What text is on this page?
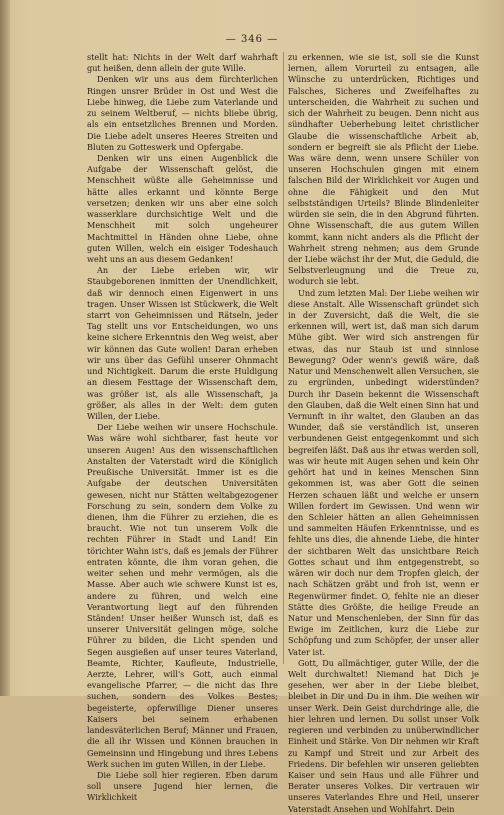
— 346 —

stellt hat: Nichts in der Welt darf wahrhaft gut heißen, denn allein der gute Wille.

Denken wir uns aus dem fürchterlichen Ringen unsrer Brüder in Ost und West die Liebe hinweg, die Liebe zum Vaterlande und zu seinem Weltberuf, — nichts bliebe übrig, als ein entsetzliches Brennen und Morden. Die Liebe adelt unseres Heeres Streiten und Bluten zu Gotteswerk und Opfergabe.

Denken wir uns einen Augenblick die Aufgabe der Wissenschaft gelöst, die Menschheit wüßte alle Geheimnisse und hätte alles erkannt und könnte Berge versetzen; denken wir uns aber eine solch wasserklare durchsichtige Welt und die Menschheit mit solch ungeheurer Machtmittel in Händen ohne Liebe, ohne guten Willen, welch ein eisiger Todeshauch weht uns an aus diesem Gedanken!

An der Liebe erleben wir, wir Staubgeborenen inmitten der Unendlichkeit, daß wir dennoch einen Eigenwert in uns tragen. Unser Wissen ist Stückwerk, die Welt starrt von Geheimnissen und Rätseln, jeder Tag stellt uns vor Entscheidungen, wo uns keine sichere Erkenntnis den Weg weist, aber wir können das Gute wollen! Daran erheben wir uns über das Gefühl unserer Ohnmacht und Nichtigkeit. Darum die erste Huldigung an diesem Festtage der Wissenschaft dem, was größer ist, als alle Wissenschaft, ja größer, als alles in der Welt: dem guten Willen, der Liebe.

Der Liebe weihen wir unsere Hochschule. Was wäre wohl sichtbarer, fast heute vor unseren Augen! Aus den wissenschaftlichen Anstalten der Vaterstadt wird die Königlich Preußische Universität. Immer ist es die Aufgabe der deutschen Universitäten gewesen, nicht nur Stätten weltabgezogener Forschung zu sein, sondern dem Volke zu dienen, ihm die Führer zu erziehen, die es braucht. Wie not tun unserem Volk die rechten Führer in Stadt und Land! Ein törichter Wahn ist's, daß es jemals der Führer entraten könnte, die ihm voran gehen, die weiter sehen und mehr vermögen, als die Masse. Aber auch wie schwere Kunst ist es, andere zu führen, und welch eine Verantwortung liegt auf den führenden Ständen! Unser heißer Wunsch ist, daß es unserer Universität gelingen möge, solche Führer zu bilden, die Licht spenden und Segen ausgießen auf unser teures Vaterland, Beamte, Richter, Kaufleute, Industrielle, Aerzte, Lehrer, will's Gott, auch einmal evangelische Pfarrer, — die nicht das Ihre suchen, sondern des Volkes Bestes; begeisterte, opferwillige Diener unseres Kaisers bei seinem erhabenen landesväterlichen Beruf; Männer und Frauen, die all ihr Wissen und Können brauchen in Gemeinsinn und Hingebung und ihres Lebens Werk suchen im guten Willen, in der Liebe.

Die Liebe soll hier regieren. Eben darum soll unsere Jugend hier lernen, die Wirklichkeit

zu erkennen, wie sie ist, soll sie die Kunst lernen, allem Vorurteil zu entsagen, alle Wünsche zu unterdrücken, Richtiges und Falsches, Sicheres und Zweifelhaftes zu unterscheiden, die Wahrheit zu suchen und sich der Wahrheit zu beugen. Denn nicht aus sündhafter Ueberhebung leitet christlicher Glaube die wissenschaftliche Arbeit ab, sondern er begreift sie als Pflicht der Liebe. Was wäre denn, wenn unsere Schüler von unseren Hochschulen gingen mit einem falschen Bild der Wirklichkeit vor Augen und ohne die Fähigkeit und den Mut selbstständigen Urteils? Blinde Blindenleiter würden sie sein, die in den Abgrund führten. Ohne Wissenschaft, die aus gutem Willen kommt, kann nicht anders als die Pflicht der Wahrheit streng nehmen; aus dem Grunde der Liebe wächst ihr der Mut, die Geduld, die Selbstverleugnung und die Treue zu, wodurch sie lebt.

Und zum letzten Mal: Der Liebe weihen wir diese Anstalt. Alle Wissenschaft gründet sich in der Zuversicht, daß die Welt, die sie erkennen will, wert ist, daß man sich darum Mühe gibt. Wer wird sich anstrengen für etwas, das nur Staub ist und sinnlose Bewegung? Oder wenn's gewiß wäre, daß Natur und Menschenwelt allen Versuchen, sie zu ergründen, unbedingt widerstünden? Durch ihr Dasein bekennt die Wissenschaft den Glauben, daß die Welt einen Sinn hat und Vernunft in ihr waltet, den Glauben an das Wunder, daß sie verständlich ist, unseren verbundenen Geist entgegenkommt und sich begreifen läßt. Daß aus ihr etwas werden soll, was wir heute mit Augen sehen und kein Ohr gehört hat und in keines Menschen Sinn gekommen ist, was aber Gott die seinen Herzen schauen läßt und welche er unsern Willen fordert im Gewissen. Und wenn wir den Schleier hätten an allen Geheimnissen und sammelten Häufen Erkenntnisse, und es fehlte uns dies, die ahnende Liebe, die hinter der sichtbaren Welt das unsichtbare Reich Gottes schaut und ihm entgegenstrebt, so wären wir doch nur dem Tropfen gleich, der nach Schätzen gräbt und froh ist, wenn er Regenwürmer findet. O, fehlte nie an dieser Stätte dies Größte, die heilige Freude an Natur und Menschenleben, der Sinn für das Ewige im Zeitlichen, kurz die Liebe zur Schöpfung und zum Schöpfer, der unser aller Vater ist.

Gott, Du allmächtiger, guter Wille, der die Welt durchwaltet! Niemand hat Dich je gesehen, wer aber in der Liebe bleibet, bleibet in Dir und Du in ihm. Die weihen wir unser Werk. Dein Geist durchdringe alle, die hier lehren und lernen. Du sollst unser Volk regieren und verbinden zu unüberwindlicher Einheit und Stärke. Von Dir nehmen wir Kraft zu Kampf und Streit und zur Arbeit des Friedens. Dir befehlen wir unseren geliebten Kaiser und sein Haus und alle Führer und Berater unseres Volkes. Dir vertrauen wir unseres Vaterlandes Ehre und Heil, unserer Vaterstadt Ansehen und Wohlfahrt. Dein
